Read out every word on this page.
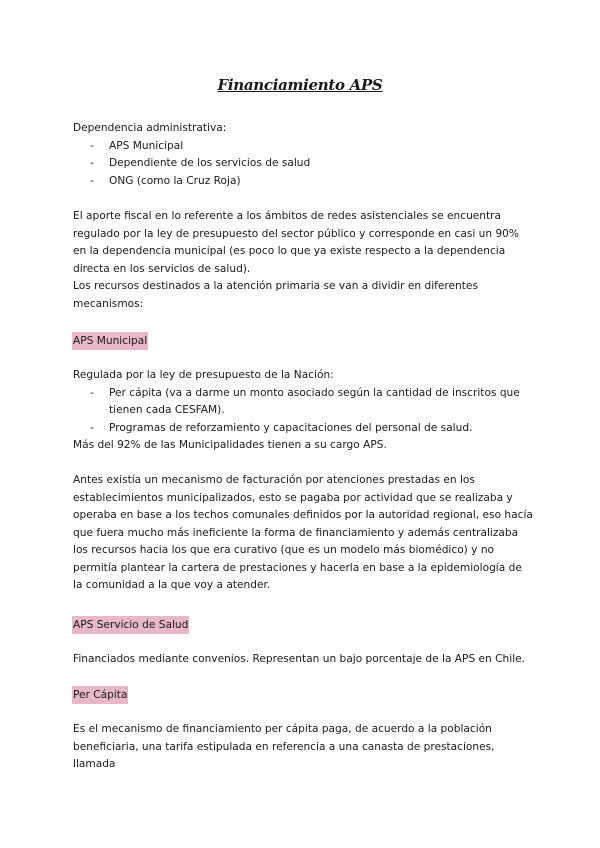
Financiamiento APS

Dependencia administrativa:

- APS Municipal
- Dependiente de los servicios de salud
- ONG (como la Cruz Roja)

El aporte fiscal en lo referente a los ámbitos de redes asistenciales se encuentra regulado por la ley de presupuesto del sector público y corresponde en casi un 90% en la dependencia municipal (es poco lo que ya existe respecto a la dependencia directa en los servicios de salud).

Los recursos destinados a la atención primaria se van a dividir en diferentes mecanismos:

APS Municipal

Regulada por la ley de presupuesto de la Nación:

- Per cápita (va a darme un monto asociado según la cantidad de inscritos que tienen cada CESFAM).
- Programas de reforzamiento y capacitaciones del personal de salud.

Más del 92% de las Municipalidades tienen a su cargo APS.

Antes existía un mecanismo de facturación por atenciones prestadas en los establecimientos municipalizados, esto se pagaba por actividad que se realizaba y operaba en base a los techos comunales definidos por la autoridad regional, eso hacía que fuera mucho más ineficiente la forma de financiamiento y además centralizaba los recursos hacia los que era curativo (que es un modelo más biomédico) y no permitía plantear la cartera de prestaciones y hacerla en base a la epidemiología de la comunidad a la que voy a atender.

APS Servicio de Salud

Financiados mediante convenios. Representan un bajo porcentaje de la APS en Chile.

Per Cápita

Es el mecanismo de financiamiento per cápita paga, de acuerdo a la población beneficiaria, una tarifa estipulada en referencia a una canasta de prestaciones, llamada
